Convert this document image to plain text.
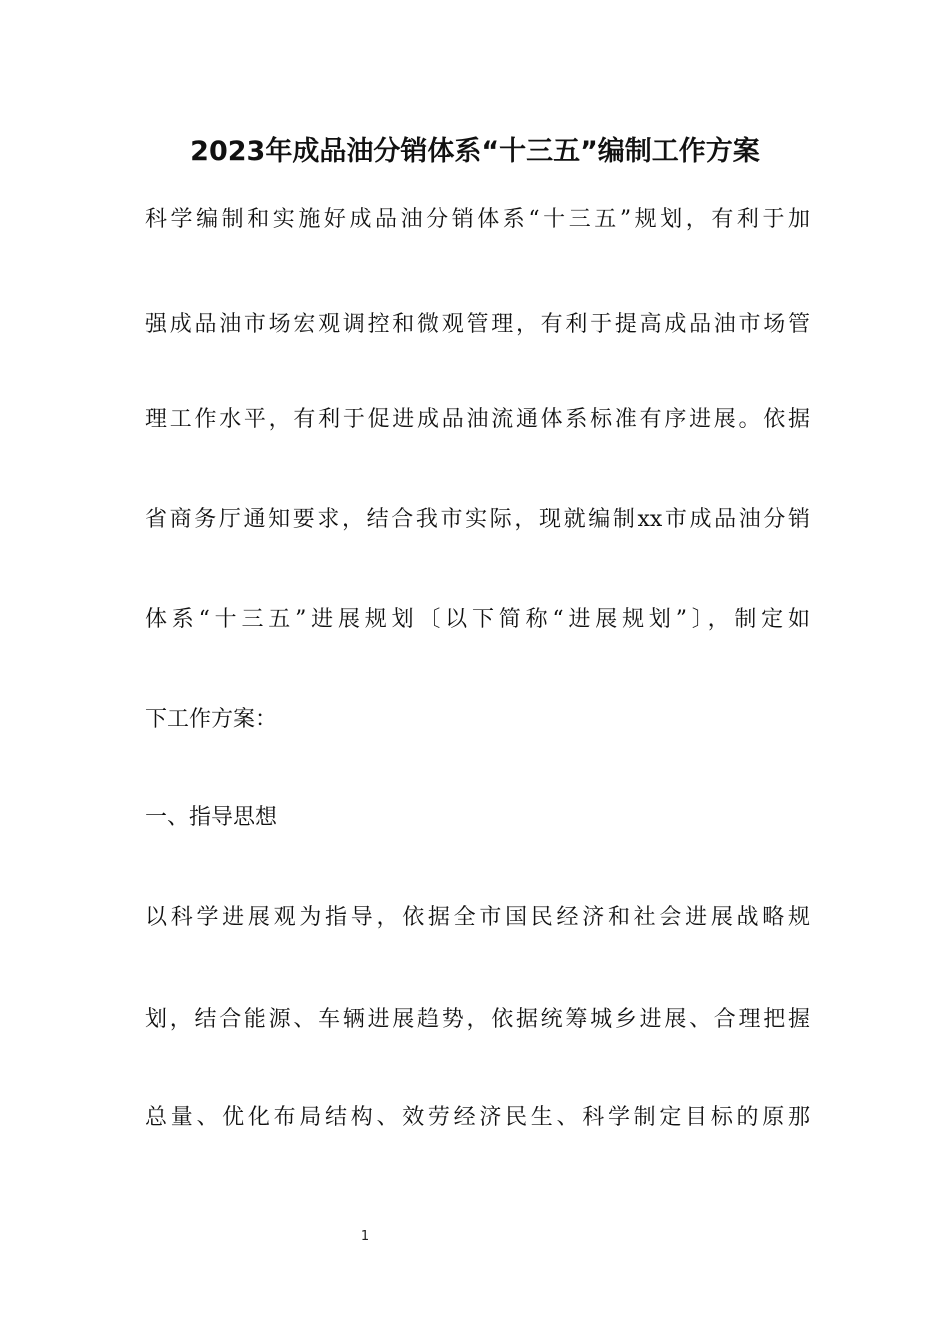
2023年成品油分销体系“十三五”编制工作方案

科学编制和实施好成品油分销体系“十三五”规划，有利于加

强成品油市场宏观调控和微观管理，有利于提高成品油市场管

理工作水平，有利于促进成品油流通体系标准有序进展。依据

省商务厅通知要求，结合我市实际，现就编制xx市成品油分销

体系“十三五”进展规划〔以下简称“进展规划”〕，制定如

下工作方案：

一、指导思想

以科学进展观为指导，依据全市国民经济和社会进展战略规

划，结合能源、车辆进展趋势，依据统筹城乡进展、合理把握

总量、优化布局结构、效劳经济民生、科学制定目标的原那

1
